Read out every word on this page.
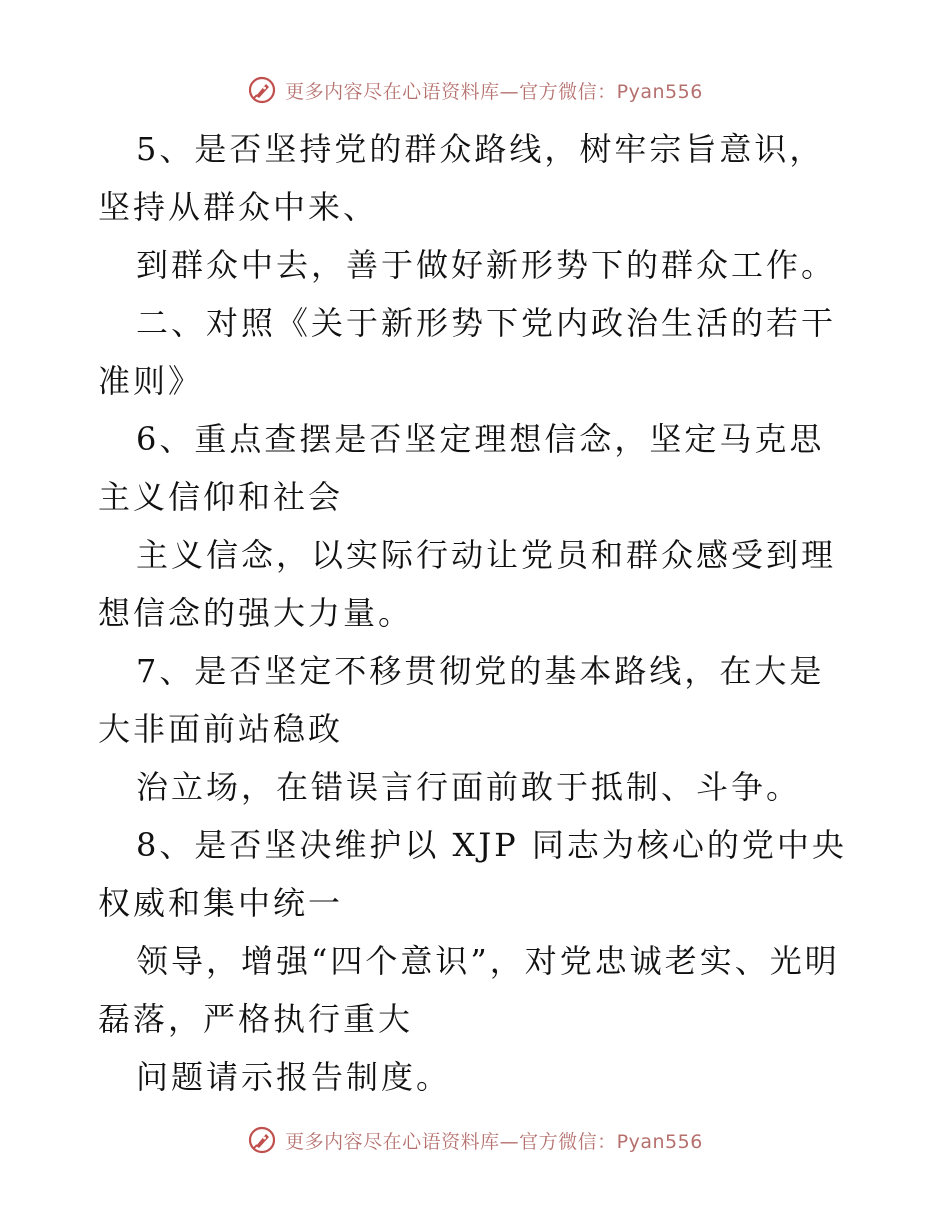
更多内容尽在心语资料库—官方微信：Pyan556

5、是否坚持党的群众路线，树牢宗旨意识，坚持从群众中来、

到群众中去，善于做好新形势下的群众工作。

二、对照《关于新形势下党内政治生活的若干准则》

6、重点查摆是否坚定理想信念，坚定马克思主义信仰和社会

主义信念，以实际行动让党员和群众感受到理想信念的强大力量。

7、是否坚定不移贯彻党的基本路线，在大是大非面前站稳政

治立场，在错误言行面前敢于抵制、斗争。

8、是否坚决维护以 XJP 同志为核心的党中央权威和集中统一

领导，增强“四个意识”，对党忠诚老实、光明磊落，严格执行重大

问题请示报告制度。

更多内容尽在心语资料库—官方微信：Pyan556
